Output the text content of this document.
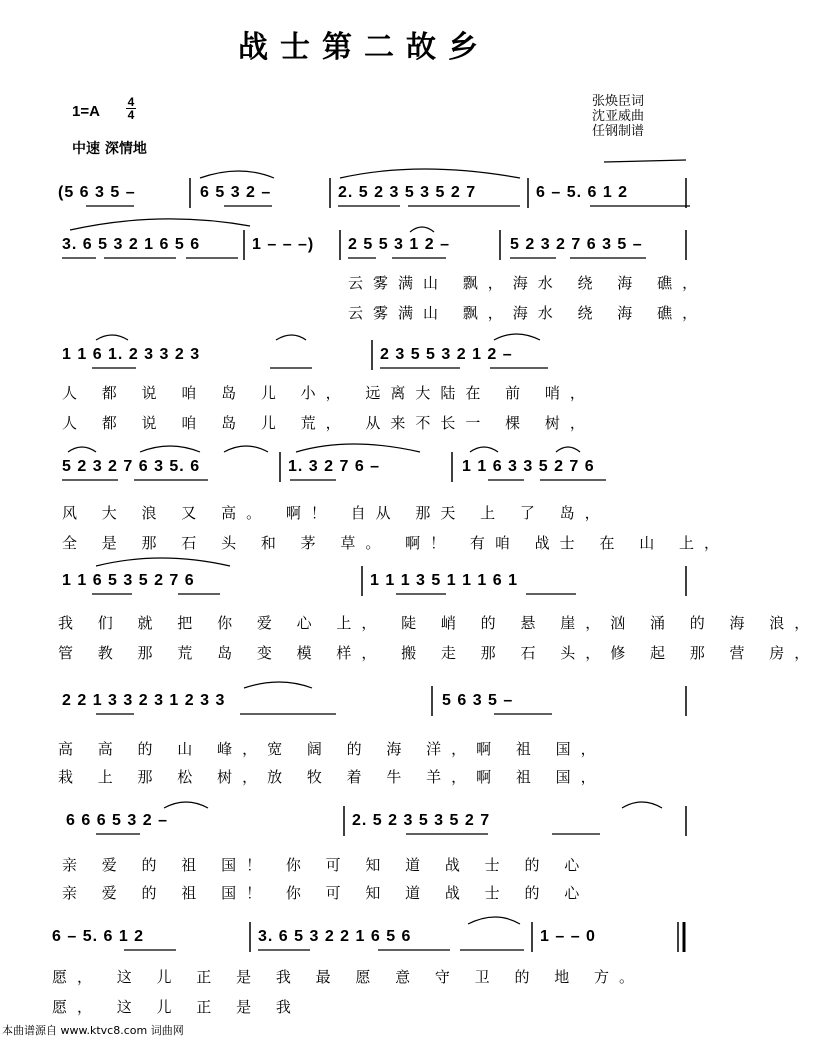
战士第二故乡
1=A
4
4
张焕臣词
沈亚威曲
任钢制谱
中速 深情地
(5 6 3 5 –	6 5 3 2 –	2. 5 2 3 5 3 5 2 7	6 – 5. 6 1 2
3. 6 5 3 2 1 6 5 6	1 – – –) 2 5 5 3 1 2 –	5 2 3 2 7 6 3 5 –
云雾满山 飘，海水 绕 海 礁，
云雾满山 飘，海水 绕 海 礁，
1 1 6 1. 2 3 3 2 3	2 3 5 5 3 2 1 2 –
人 都 说 咱 岛 儿 小， 远离大陆在 前 哨，
人 都 说 咱 岛 儿 荒， 从来不长一 棵 树，
5 2 3 2 7 6 3 5. 6	1. 3 2 7 6 –	1 1 6 3 3 5 2 7 6
风 大 浪 又 高。 啊！ 自从 那天 上 了 岛，
全 是 那 石 头 和 茅 草。 啊！ 有咱 战士 在 山 上，
1 1 6 5 3 5 2 7 6	1 1 1 3 5 1 1 1 6 1
我 们 就 把 你 爱 心 上， 陡 峭 的 悬 崖，汹 涌 的 海 浪，
管 教 那 荒 岛 变 模 样， 搬 走 那 石 头，修 起 那 营 房，
2 2 1 3 3 2 3 1 2 3 3	5 6 3 5 –
高 高 的 山 峰，宽 阔 的 海 洋，啊 祖 国，
栽 上 那 松 树，放 牧 着 牛 羊，啊 祖 国，
6 6 6 5 3 2 –	2. 5 2 3 5 3 5 2 7
亲 爱 的 祖 国！ 你 可 知 道 战 士 的 心
亲 爱 的 祖 国！ 你 可 知 道 战 士 的 心
6 – 5. 6 1 2	3. 6 5 3 2 2 1 6 5 6	1 – – 0
愿， 这 儿 正 是 我 最 愿 意 守 卫 的 地 方。
愿， 这 儿 正 是 我
本曲谱源自 www.ktvc8.com 词曲网
